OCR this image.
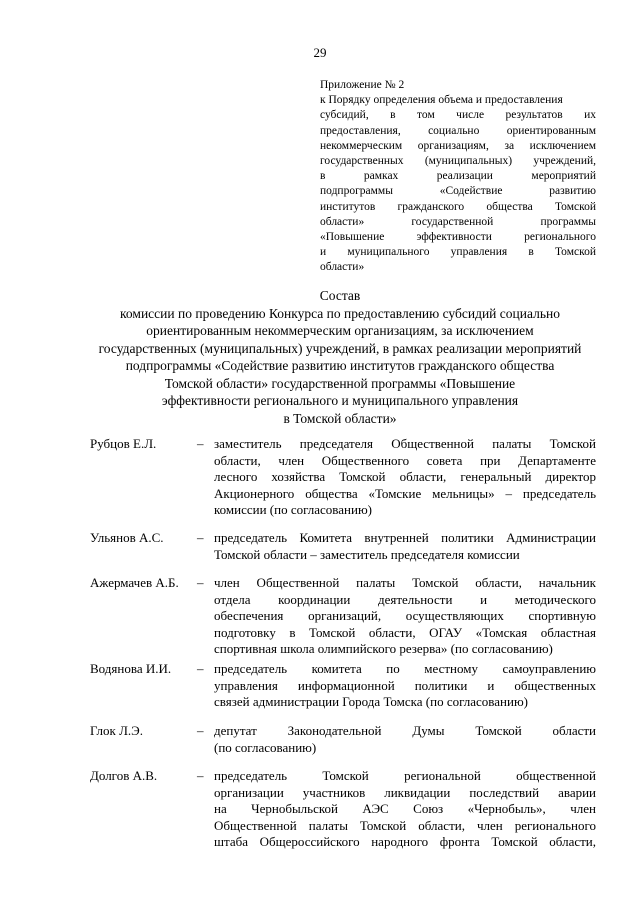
29
Приложение № 2
к Порядку определения объема и предоставления
субсидий, в том числе результатов их
предоставления, социально ориентированным
некоммерческим организациям, за исключением
государственных (муниципальных) учреждений,
в рамках реализации мероприятий
подпрограммы «Содействие развитию
институтов гражданского общества Томской
области» государственной программы
«Повышение эффективности регионального
и муниципального управления в Томской
области»
Состав
комиссии по проведению Конкурса по предоставлению субсидий социально
ориентированным некоммерческим организациям, за исключением
государственных (муниципальных) учреждений, в рамках реализации мероприятий
подпрограммы «Содействие развитию институтов гражданского общества
Томской области» государственной программы «Повышение
эффективности регионального и муниципального управления
в Томской области»
Рубцов Е.Л.	– заместитель председателя Общественной палаты Томской
области, член Общественного совета при Департаменте
лесного хозяйства Томской области, генеральный директор
Акционерного общества «Томские мельницы» – председатель
комиссии (по согласованию)
Ульянов А.С.	– председатель Комитета внутренней политики Администрации
Томской области – заместитель председателя комиссии
Ажермачев А.Б. – член Общественной палаты Томской области, начальник
отдела координации деятельности и методического
обеспечения организаций, осуществляющих спортивную
подготовку в Томской области, ОГАУ «Томская областная
спортивная школа олимпийского резерва» (по согласованию)
Водянова И.И. – председатель комитета по местному самоуправлению
управления информационной политики и общественных
связей администрации Города Томска (по согласованию)
Глок Л.Э.	– депутат Законодательной Думы Томской области
(по согласованию)
Долгов А.В.	– председатель Томской региональной общественной
организации участников ликвидации последствий аварии
на Чернобыльской АЭС Союз «Чернобыль», член
Общественной палаты Томской области, член регионального
штаба Общероссийского народного фронта Томской области,
